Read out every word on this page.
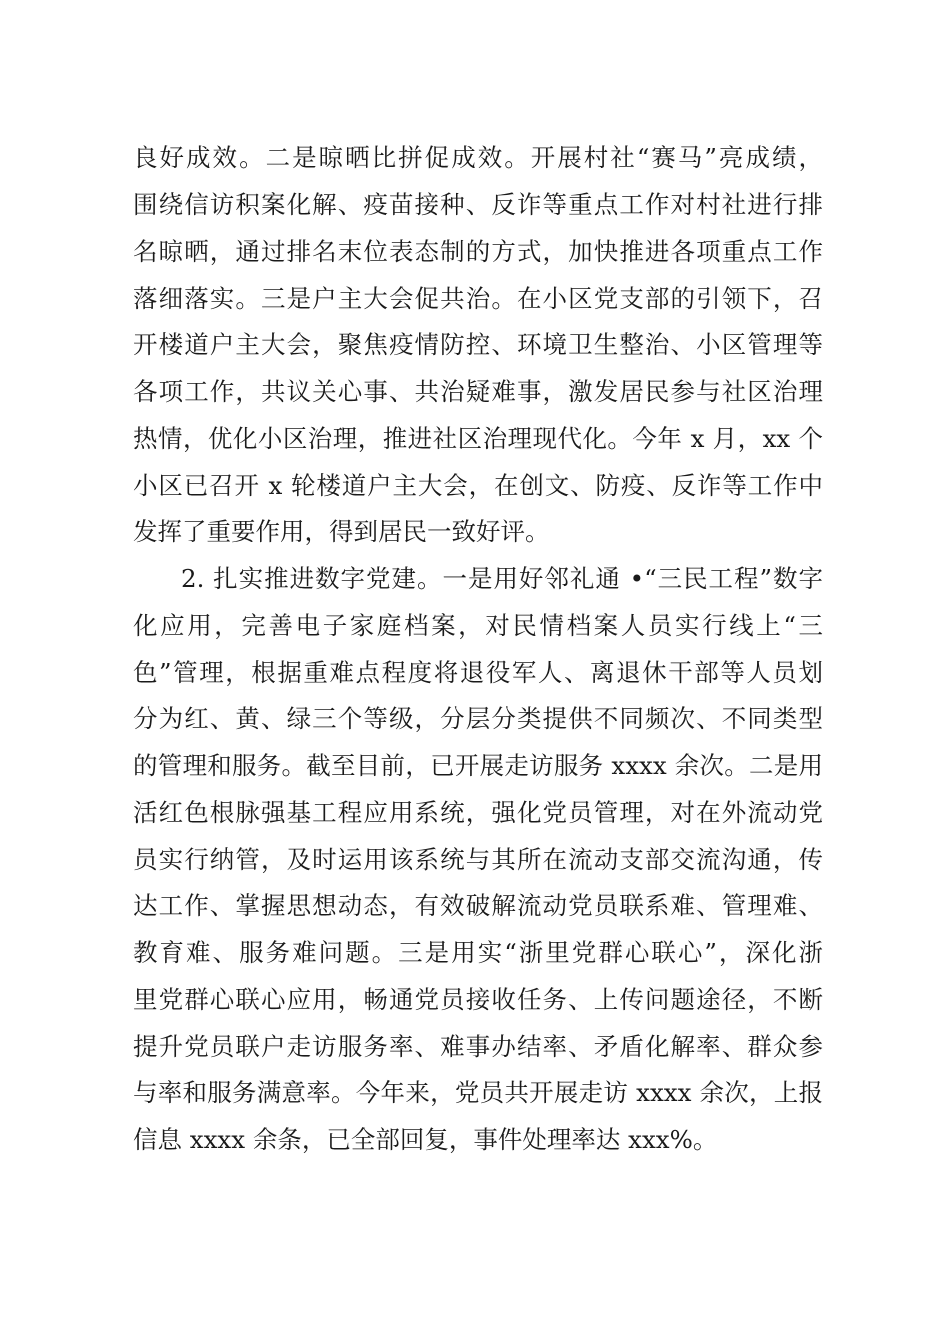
良好成效。二是晾晒比拼促成效。开展村社“赛马”亮成绩，
围绕信访积案化解、疫苗接种、反诈等重点工作对村社进行排
名晾晒，通过排名末位表态制的方式，加快推进各项重点工作
落细落实。三是户主大会促共治。在小区党支部的引领下，召
开楼道户主大会，聚焦疫情防控、环境卫生整治、小区管理等
各项工作，共议关心事、共治疑难事，激发居民参与社区治理
热情，优化小区治理，推进社区治理现代化。今年 x 月，xx 个
小区已召开 x 轮楼道户主大会，在创文、防疫、反诈等工作中
发挥了重要作用，得到居民一致好评。
2. 扎实推进数字党建。一是用好邻礼通 •“三民工程”数字
化应用，完善电子家庭档案，对民情档案人员实行线上“三
色”管理，根据重难点程度将退役军人、离退休干部等人员划
分为红、黄、绿三个等级，分层分类提供不同频次、不同类型
的管理和服务。截至目前，已开展走访服务 xxxx 余次。二是用
活红色根脉强基工程应用系统，强化党员管理，对在外流动党
员实行纳管，及时运用该系统与其所在流动支部交流沟通，传
达工作、掌握思想动态，有效破解流动党员联系难、管理难、
教育难、服务难问题。三是用实“浙里党群心联心”，深化浙
里党群心联心应用，畅通党员接收任务、上传问题途径，不断
提升党员联户走访服务率、难事办结率、矛盾化解率、群众参
与率和服务满意率。今年来，党员共开展走访 xxxx 余次，上报
信息 xxxx 余条，已全部回复，事件处理率达 xxx%。
